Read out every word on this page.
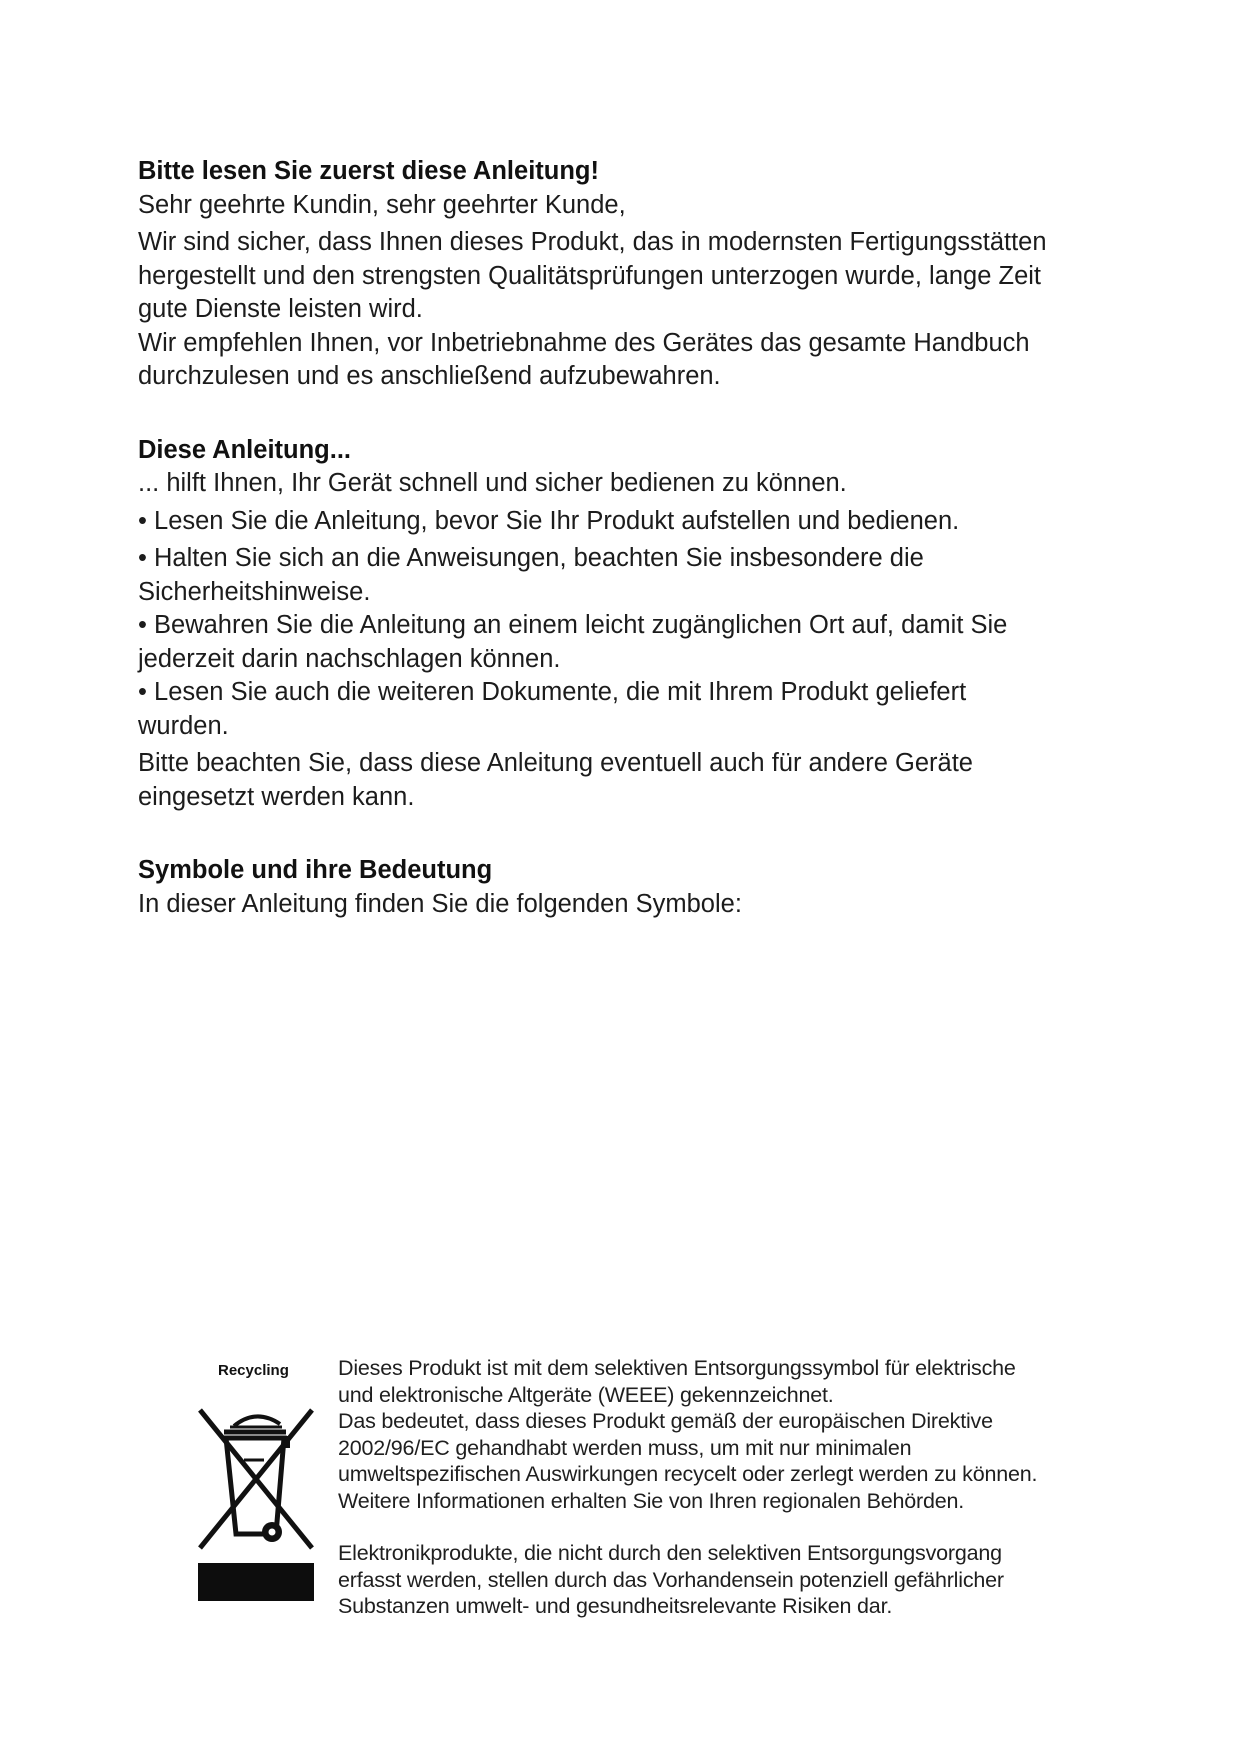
Bitte lesen Sie zuerst diese Anleitung!

Sehr geehrte Kundin, sehr geehrter Kunde,

Wir sind sicher, dass Ihnen dieses Produkt, das in modernsten Fertigungsstätten

hergestellt und den strengsten Qualitätsprüfungen unterzogen wurde, lange Zeit

gute Dienste leisten wird.

Wir empfehlen Ihnen, vor Inbetriebnahme des Gerätes das gesamte Handbuch

durchzulesen und es anschließend aufzubewahren.

Diese Anleitung...

... hilft Ihnen, Ihr Gerät schnell und sicher bedienen zu können.

• Lesen Sie die Anleitung, bevor Sie Ihr Produkt aufstellen und bedienen.

• Halten Sie sich an die Anweisungen, beachten Sie insbesondere die

Sicherheitshinweise.

• Bewahren Sie die Anleitung an einem leicht zugänglichen Ort auf, damit Sie

jederzeit darin nachschlagen können.

• Lesen Sie auch die weiteren Dokumente, die mit Ihrem Produkt geliefert

wurden.

Bitte beachten Sie, dass diese Anleitung eventuell auch für andere Geräte

eingesetzt werden kann.

Symbole und ihre Bedeutung

In dieser Anleitung finden Sie die folgenden Symbole:

Recycling Dieses Produkt ist mit dem selektiven Entsorgungssymbol für elektrische

und elektronische Altgeräte (WEEE) gekennzeichnet.

Das bedeutet, dass dieses Produkt gemäß der europäischen Direktive

2002/96/EC gehandhabt werden muss, um mit nur minimalen

umweltspezifischen Auswirkungen recycelt oder zerlegt werden zu können.

Weitere Informationen erhalten Sie von Ihren regionalen Behörden.

Elektronikprodukte, die nicht durch den selektiven Entsorgungsvorgang

erfasst werden, stellen durch das Vorhandensein potenziell gefährlicher

Substanzen umwelt- und gesundheitsrelevante Risiken dar.
